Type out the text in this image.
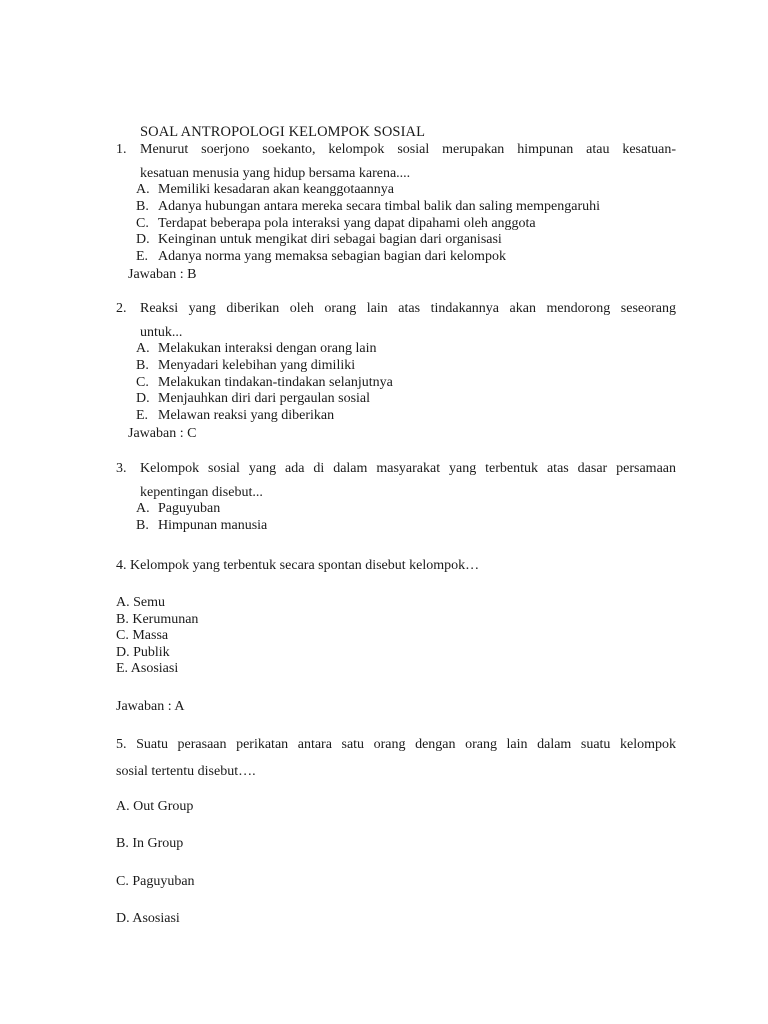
SOAL ANTROPOLOGI KELOMPOK SOSIAL
1. Menurut soerjono soekanto, kelompok sosial merupakan himpunan atau kesatuan-
kesatuan menusia yang hidup bersama karena....
A. Memiliki kesadaran akan keanggotaannya
B. Adanya hubungan antara mereka secara timbal balik dan saling mempengaruhi
C. Terdapat beberapa pola interaksi yang dapat dipahami oleh anggota
D. Keinginan untuk mengikat diri sebagai bagian dari organisasi
E. Adanya norma yang memaksa sebagian bagian dari kelompok
Jawaban : B
2. Reaksi yang diberikan oleh orang lain atas tindakannya akan mendorong seseorang
untuk...
A. Melakukan interaksi dengan orang lain
B. Menyadari kelebihan yang dimiliki
C. Melakukan tindakan-tindakan selanjutnya
D. Menjauhkan diri dari pergaulan sosial
E. Melawan reaksi yang diberikan
Jawaban : C
3. Kelompok sosial yang ada di dalam masyarakat yang terbentuk atas dasar persamaan
kepentingan disebut...
A. Paguyuban
B. Himpunan manusia
4. Kelompok yang terbentuk secara spontan disebut kelompok…
A. Semu
B. Kerumunan
C. Massa
D. Publik
E. Asosiasi
Jawaban : A
5. Suatu perasaan perikatan antara satu orang dengan orang lain dalam suatu kelompok
sosial tertentu disebut….
A. Out Group
B. In Group
C. Paguyuban
D. Asosiasi
